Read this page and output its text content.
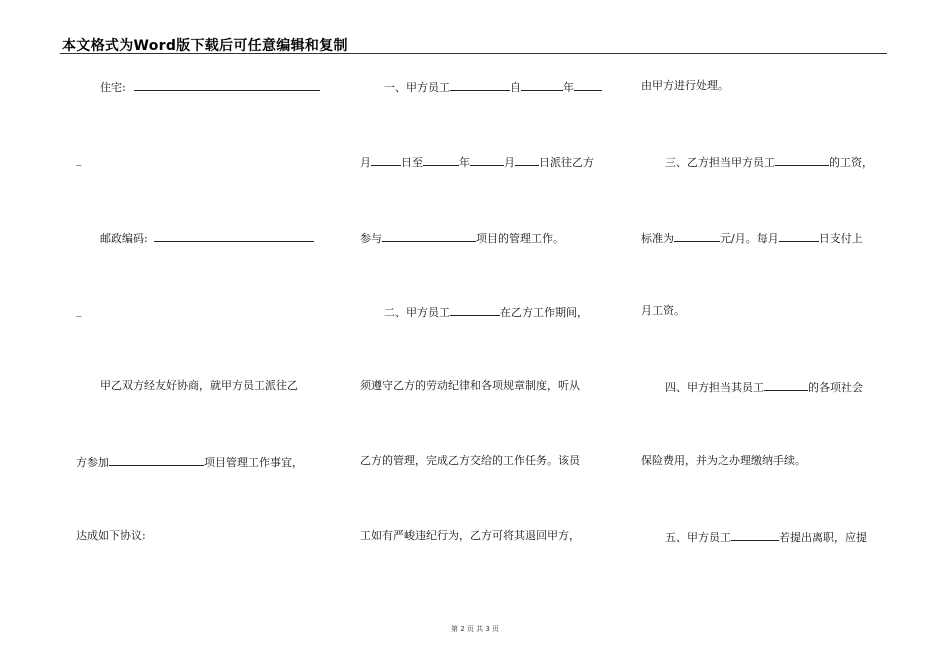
本文格式为Word版下载后可任意编辑和复制
住宅:
_
邮政编码:
_
甲乙双方经友好协商，就甲方员工派往乙
方参加	项目管理工作事宜，
达成如下协议:
一、甲方员工	自	年
月	日至	年	月 日派往乙方
参与	项目的管理工作。
二、甲方员工	在乙方工作期间，
须遵守乙方的劳动纪律和各项规章制度，听从
乙方的管理，完成乙方交给的工作任务。该员
工如有严峻违纪行为，乙方可将其退回甲方，
由甲方进行处理。
三、乙方担当甲方员工	的工资，
标准为	元/月。每月	日支付上
月工资。
四、甲方担当其员工	的各项社会
保险费用，并为之办理缴纳手续。
五、甲方员工	若提出离职，应提
第 2 页 共 3 页
